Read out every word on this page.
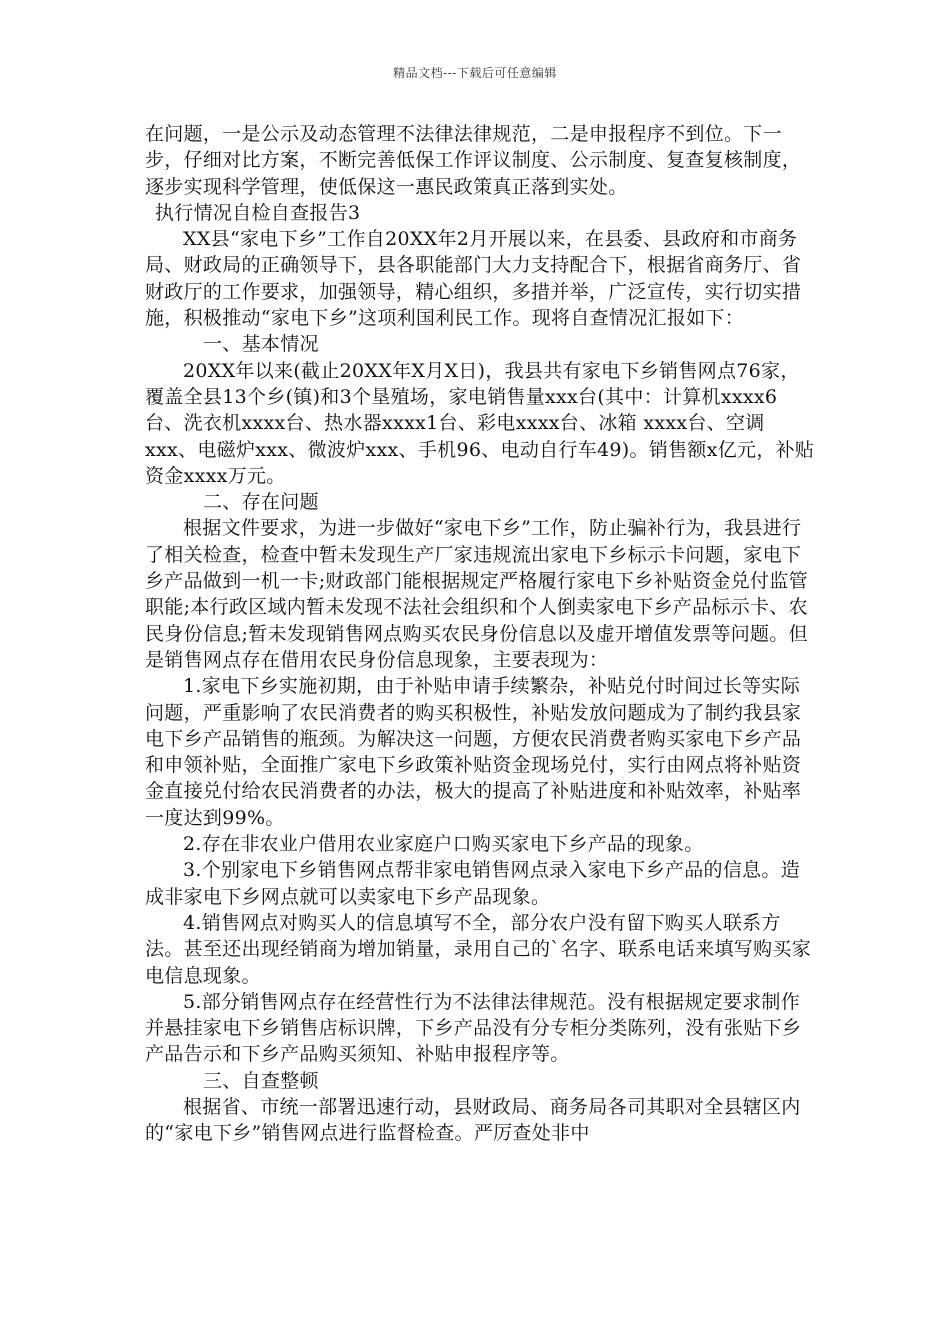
精品文档---下载后可任意编辑

在问题，一是公示及动态管理不法律法律规范，二是申报程序不到位。下一步，仔细对比方案，不断完善低保工作评议制度、公示制度、复查复核制度，逐步实现科学管理，使低保这一惠民政策真正落到实处。

执行情况自检自查报告3

XX县“家电下乡”工作自20XX年2月开展以来，在县委、县政府和市商务局、财政局的正确领导下，县各职能部门大力支持配合下，根据省商务厅、省财政厅的工作要求，加强领导，精心组织，多措并举，广泛宣传，实行切实措施，积极推动“家电下乡”这项利国利民工作。现将自查情况汇报如下：

一、基本情况

20XX年以来(截止20XX年X月X日)，我县共有家电下乡销售网点76家，覆盖全县13个乡(镇)和3个垦殖场，家电销售量xxx台(其中：计算机xxxx6台、洗衣机xxxx台、热水器xxxx1台、彩电xxxx台、冰箱 xxxx台、空调xxx、电磁炉xxx、微波炉xxx、手机96、电动自行车49)。销售额x亿元，补贴资金xxxx万元。

二、存在问题

根据文件要求，为进一步做好“家电下乡”工作，防止骗补行为，我县进行了相关检查，检查中暂未发现生产厂家违规流出家电下乡标示卡问题，家电下乡产品做到一机一卡;财政部门能根据规定严格履行家电下乡补贴资金兑付监管职能;本行政区域内暂未发现不法社会组织和个人倒卖家电下乡产品标示卡、农民身份信息;暂未发现销售网点购买农民身份信息以及虚开增值发票等问题。但是销售网点存在借用农民身份信息现象，主要表现为：

1.家电下乡实施初期，由于补贴申请手续繁杂，补贴兑付时间过长等实际问题，严重影响了农民消费者的购买积极性，补贴发放问题成为了制约我县家电下乡产品销售的瓶颈。为解决这一问题，方便农民消费者购买家电下乡产品和申领补贴，全面推广家电下乡政策补贴资金现场兑付，实行由网点将补贴资金直接兑付给农民消费者的办法，极大的提高了补贴进度和补贴效率，补贴率一度达到99%。

2.存在非农业户借用农业家庭户口购买家电下乡产品的现象。

3.个别家电下乡销售网点帮非家电销售网点录入家电下乡产品的信息。造成非家电下乡网点就可以卖家电下乡产品现象。

4.销售网点对购买人的信息填写不全，部分农户没有留下购买人联系方法。甚至还出现经销商为增加销量，录用自己的`名字、联系电话来填写购买家电信息现象。

5.部分销售网点存在经营性行为不法律法律规范。没有根据规定要求制作并悬挂家电下乡销售店标识牌，下乡产品没有分专柜分类陈列，没有张贴下乡产品告示和下乡产品购买须知、补贴申报程序等。

三、自查整顿

根据省、市统一部署迅速行动，县财政局、商务局各司其职对全县辖区内的“家电下乡”销售网点进行监督检查。严厉查处非中
